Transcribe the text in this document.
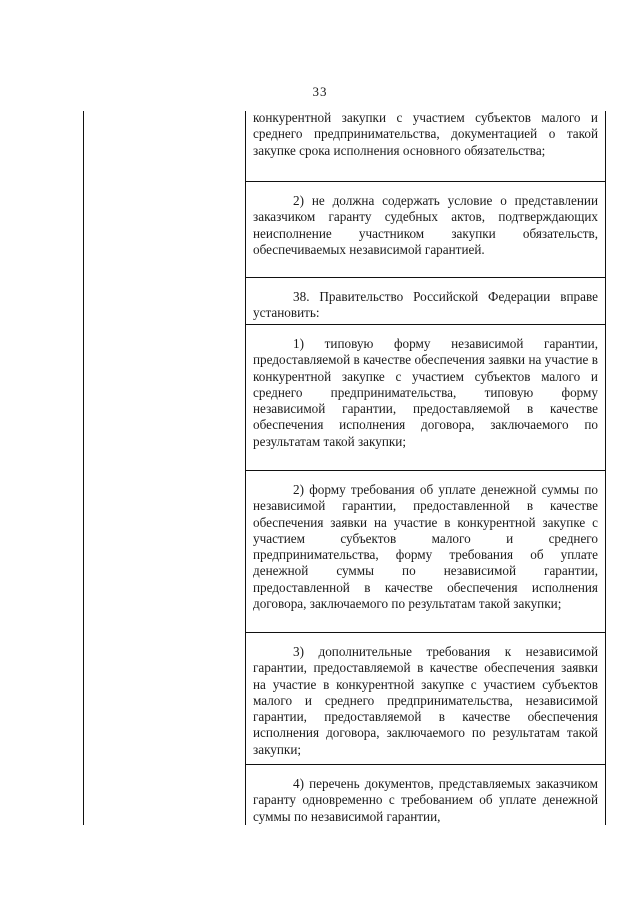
33

конкурентной закупки с участием субъектов малого и среднего предпринимательства, документацией о такой закупке срока исполнения основного обязательства;

2) не должна содержать условие о представлении заказчиком гаранту судебных актов, подтверждающих неисполнение участником закупки обязательств, обеспечиваемых независимой гарантией.

38. Правительство Российской Федерации вправе установить:

1) типовую форму независимой гарантии, предоставляемой в качестве обеспечения заявки на участие в конкурентной закупке с участием субъектов малого и среднего предпринимательства, типовую форму независимой гарантии, предоставляемой в качестве обеспечения исполнения договора, заключаемого по результатам такой закупки;

2) форму требования об уплате денежной суммы по независимой гарантии, предоставленной в качестве обеспечения заявки на участие в конкурентной закупке с участием субъектов малого и среднего предпринимательства, форму требования об уплате денежной суммы по независимой гарантии, предоставленной в качестве обеспечения исполнения договора, заключаемого по результатам такой закупки;

3) дополнительные требования к независимой гарантии, предоставляемой в качестве обеспечения заявки на участие в конкурентной закупке с участием субъектов малого и среднего предпринимательства, независимой гарантии, предоставляемой в качестве обеспечения исполнения договора, заключаемого по результатам такой закупки;

4) перечень документов, представляемых заказчиком гаранту одновременно с требованием об уплате денежной суммы по независимой гарантии,
